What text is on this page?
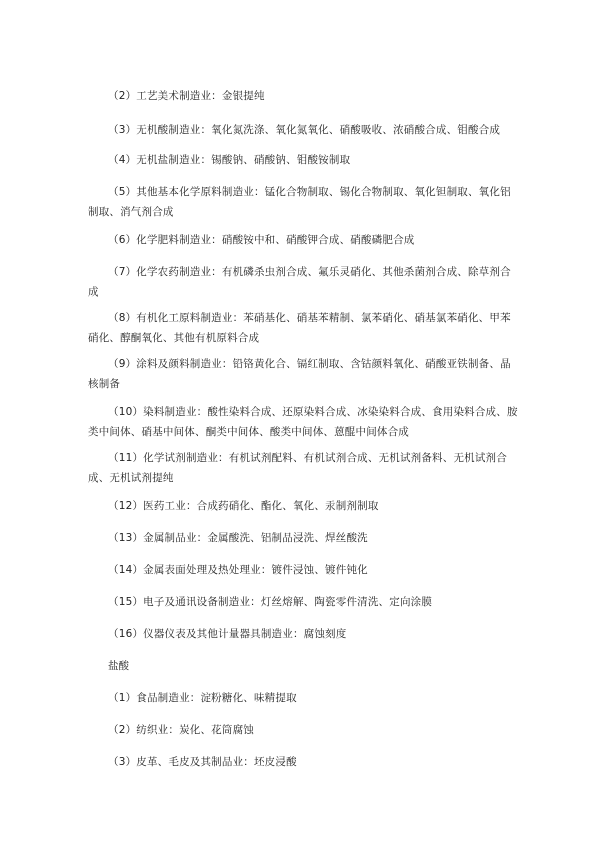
（2）工艺美术制造业：金银提纯

（3）无机酸制造业：氧化氮洗涤、氧化氮氧化、硝酸吸收、浓硝酸合成、钼酸合成

（4）无机盐制造业：锡酸钠、硝酸钠、钼酸铵制取

（5）其他基本化学原料制造业：锰化合物制取、锡化合物制取、氧化钽制取、氧化铝制取、消气剂合成

（6）化学肥料制造业：硝酸铵中和、硝酸钾合成、硝酸磷肥合成

（7）化学农药制造业：有机磷杀虫剂合成、氟乐灵硝化、其他杀菌剂合成、除草剂合成

（8）有机化工原料制造业：苯硝基化、硝基苯精制、氯苯硝化、硝基氯苯硝化、甲苯硝化、醇酮氧化、其他有机原料合成

（9）涂料及颜料制造业：铅铬黄化合、镉红制取、含钴颜料氧化、硝酸亚铁制备、晶核制备

（10）染料制造业：酸性染料合成、还原染料合成、冰染染料合成、食用染料合成、胺类中间体、硝基中间体、酮类中间体、酸类中间体、蒽醌中间体合成

（11）化学试剂制造业：有机试剂配料、有机试剂合成、无机试剂备料、无机试剂合成、无机试剂提纯

（12）医药工业：合成药硝化、酯化、氧化、汞制剂制取

（13）金属制品业：金属酸洗、铝制品浸洗、焊丝酸洗

（14）金属表面处理及热处理业：镀件浸蚀、镀件钝化

（15）电子及通讯设备制造业：灯丝熔解、陶瓷零件清洗、定向涂膜

（16）仪器仪表及其他计量器具制造业：腐蚀刻度

盐酸

（1）食品制造业：淀粉糖化、味精提取

（2）纺织业：炭化、花筒腐蚀

（3）皮革、毛皮及其制品业：坯皮浸酸
